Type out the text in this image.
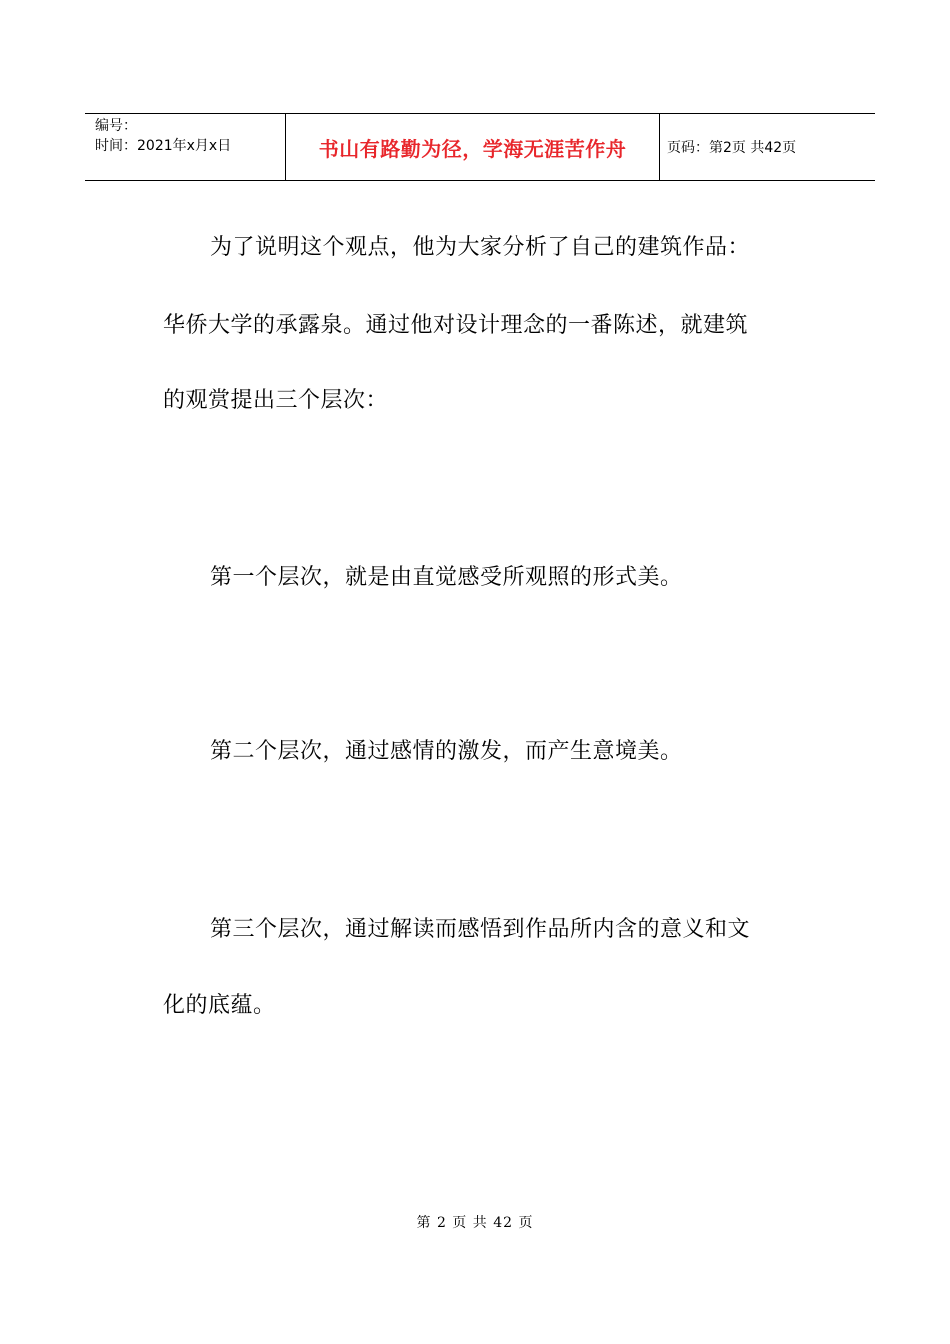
编号：
时间：2021年x月x日	书山有路勤为径，学海无涯苦作舟	页码：第2页 共42页
为了说明这个观点，他为大家分析了自己的建筑作品：
华侨大学的承露泉。通过他对设计理念的一番陈述，就建筑
的观赏提出三个层次：
第一个层次，就是由直觉感受所观照的形式美。
第二个层次，通过感情的激发，而产生意境美。
第三个层次，通过解读而感悟到作品所内含的意义和文
化的底蕴。
第 2 页 共 42 页
